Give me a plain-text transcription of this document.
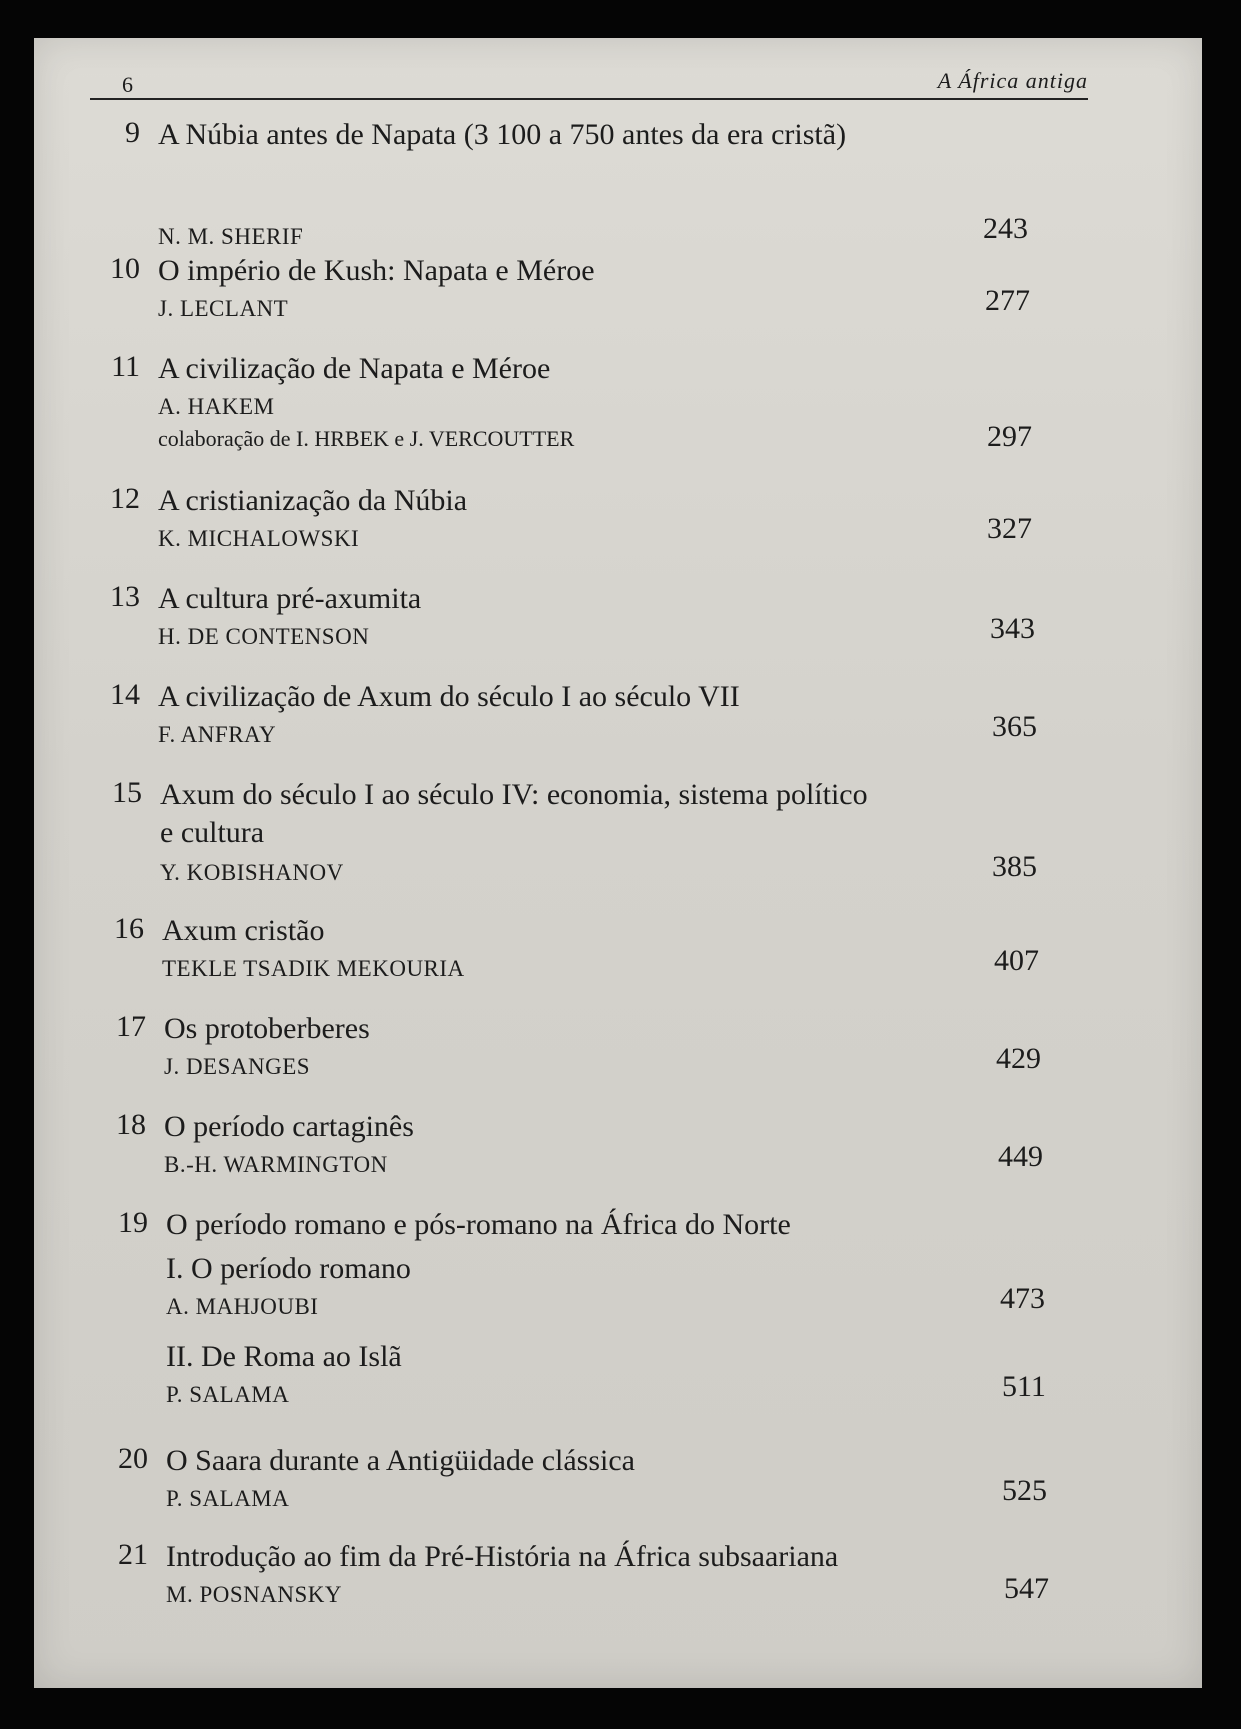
6	A África antiga
9 A Núbia antes de Napata (3 100 a 750 antes da era cristã)
N. M. SHERIF	243
10 O império de Kush: Napata e Méroe
J. LECLANT	277
11 A civilização de Napata e Méroe
A. HAKEM
colaboração de I. HRBEK e J. VERCOUTTER	297
12 A cristianização da Núbia
K. MICHALOWSKI	327
13 A cultura pré-axumita
H. DE CONTENSON	343
14 A civilização de Axum do século I ao século VII
F. ANFRAY	365
15 Axum do século I ao século IV: economia, sistema político e cultura
Y. KOBISHANOV	385
16 Axum cristão
TEKLE TSADIK MEKOURIA	407
17 Os protoberberes
J. DESANGES	429
18 O período cartaginês
B.-H. WARMINGTON	449
19 O período romano e pós-romano na África do Norte
I. O período romano
A. MAHJOUBI	473
II. De Roma ao Islã
P. SALAMA	511
20 O Saara durante a Antigüidade clássica
P. SALAMA	525
21 Introdução ao fim da Pré-História na África subsaariana
M. POSNANSKY	547
